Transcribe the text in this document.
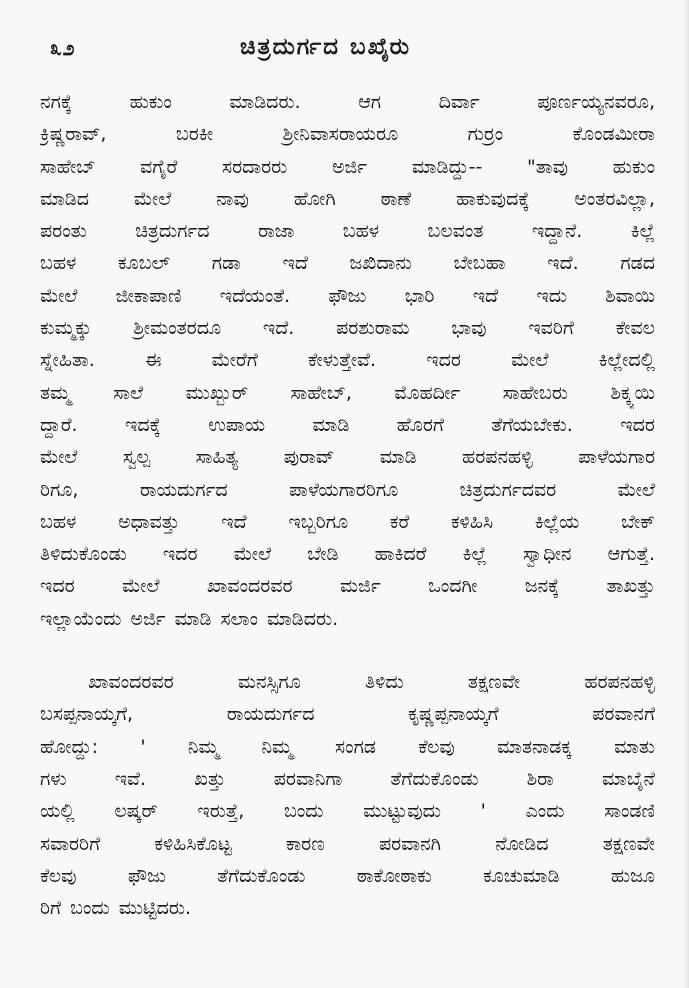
೩೨	ಚಿತ್ರದುರ್ಗದ ಬಖೈರು
ನಗಕ್ಕೆ ಹುಕುಂ ಮಾಡಿದರು. ಆಗ ದಿರ್ವಾ ಪೂರ್ಣಯ್ಯನವರೂ,
ಕ್ರಿಷ್ಣರಾವ್, ಬರಕೀ ಶ್ರೀನಿವಾಸರಾಯರೂ ಗುರ್ರಂ ಕೊಂಡಮೀರಾ
ಸಾಹೇಬ್ ವಗೈರೆ ಸರದಾರರು ಅರ್ಜಿ ಮಾಡಿದ್ದು-- "ತಾವು ಹುಕುಂ
ಮಾಡಿದ ಮೇಲೆ ನಾವು ಹೋಗಿ ಠಾಣೆ ಹಾಕುವುದಕ್ಕೆ ಅಂತರವಿಲ್ಲಾ,
ಪರಂತು ಚಿತ್ರದುರ್ಗದ ರಾಜಾ ಬಹಳ ಬಲವಂತ ಇದ್ದಾನೆ. ಕಿಲ್ಲೆ
ಬಹಳ ಕೂಬಲ್ ಗಡಾ ಇದೆ ಜಖಿದಾನು ಬೇಬಹಾ ಇದೆ. ಗಡದ
ಮೇಲೆ ಜೀಕಾಪಾಣಿ ಇದೆಯಂತೆ. ಫೌಜು ಭಾರಿ ಇದೆ ಇದು ಶಿವಾಯಿ
ಕುಮ್ಮಕ್ಕು ಶ್ರೀಮಂತರದೂ ಇದೆ. ಪರಶುರಾಮ ಭಾವು ಇವರಿಗೆ ಕೇವಲ
ಸ್ನೇಹಿತಾ. ಈ ಮೇರೆಗೆ ಕೇಳುತ್ತೇವೆ. ಇದರ ಮೇಲೆ ಕಿಲ್ಲೇದಲ್ಲಿ
ತಮ್ಮ ಸಾಲೆ ಮುಖ್ಬುರ್ ಸಾಹೇಬ್, ಮೊಹರ್ದೀ ಸಾಹೇಬರು ಶಿಕ್ಕ್ಯಯಿ
ದ್ದಾರೆ. ಇದಕ್ಕೆ ಉಪಾಯ ಮಾಡಿ ಹೊರಗೆ ತೆಗೆಯಬೇಕು. ಇದರ
ಮೇಲೆ ಸ್ವಲ್ಪ ಸಾಹಿತ್ಯ ಪುರಾವ್ ಮಾಡಿ ಹರಪನಹಳ್ಳಿ ಪಾಳೆಯಗಾರ
ರಿಗೂ, ರಾಯದುರ್ಗದ ಪಾಳೆಯಗಾರರಿಗೂ ಚಿತ್ರದುರ್ಗದವರ ಮೇಲೆ
ಬಹಳ ಅಧಾವತ್ತು ಇದೆ ಇಬ್ಬರಿಗೂ ಕರೆ ಕಳಿಹಿಸಿ ಕಿಲ್ಲೆಯ ಬೇಕ್
ತಿಳಿದುಕೊಂಡು ಇದರ ಮೇಲೆ ಬೇಡಿ ಹಾಕಿದರೆ ಕಿಲ್ಲೆ ಸ್ವಾಧೀನ ಆಗುತ್ತೆ.
ಇದರ ಮೇಲೆ ಖಾವಂದರವರ ಮರ್ಜಿ ಒಂದಗೀ ಜನಕ್ಕೆ ತಾಖತ್ತು
ಇಲ್ಲಾಯೆಂದು ಅರ್ಜಿ ಮಾಡಿ ಸಲಾಂ ಮಾಡಿದರು.
ಖಾವಂದರವರ ಮನಸ್ಸಿಗೂ ತಿಳಿದು ತಕ್ಷಣವೇ ಹರಪನಹಳ್ಳಿ
ಬಸಪ್ಪನಾಯ್ಕಗೆ, ರಾಯದುರ್ಗದ ಕೃಷ್ಣಪ್ಪನಾಯ್ಕಗೆ ಪರವಾನಗೆ
ಹೋದ್ದು: ' ನಿಮ್ಮ ನಿಮ್ಮ ಸಂಗಡ ಕೆಲವು ಮಾತನಾಡಕ್ಕ ಮಾತು
ಗಳು ಇವೆ. ಖತ್ತು ಪರವಾನಿಗಾ ತೆಗೆದುಕೊಂಡು ಶಿರಾ ಮಾಬೈನೆ
ಯಲ್ಲಿ ಲಷ್ಕರ್ ಇರುತ್ತೆ, ಬಂದು ಮುಟ್ಟುವುದು ' ಎಂದು ಸಾಂಡಣಿ
ಸವಾರರಿಗೆ ಕಳಿಹಿಸಿಕೊಟ್ಟ ಕಾರಣ ಪರವಾನಗಿ ನೋಡಿದ ತಕ್ಷಣವೇ
ಕೆಲವು ಫೌಜು ತೆಗೆದುಕೊಂಡು ಠಾಕೋಠಾಕು ಕೂಚುಮಾಡಿ ಹುಜೂ
ರಿಗೆ ಬಂದು ಮುಟ್ಟಿದರು.
